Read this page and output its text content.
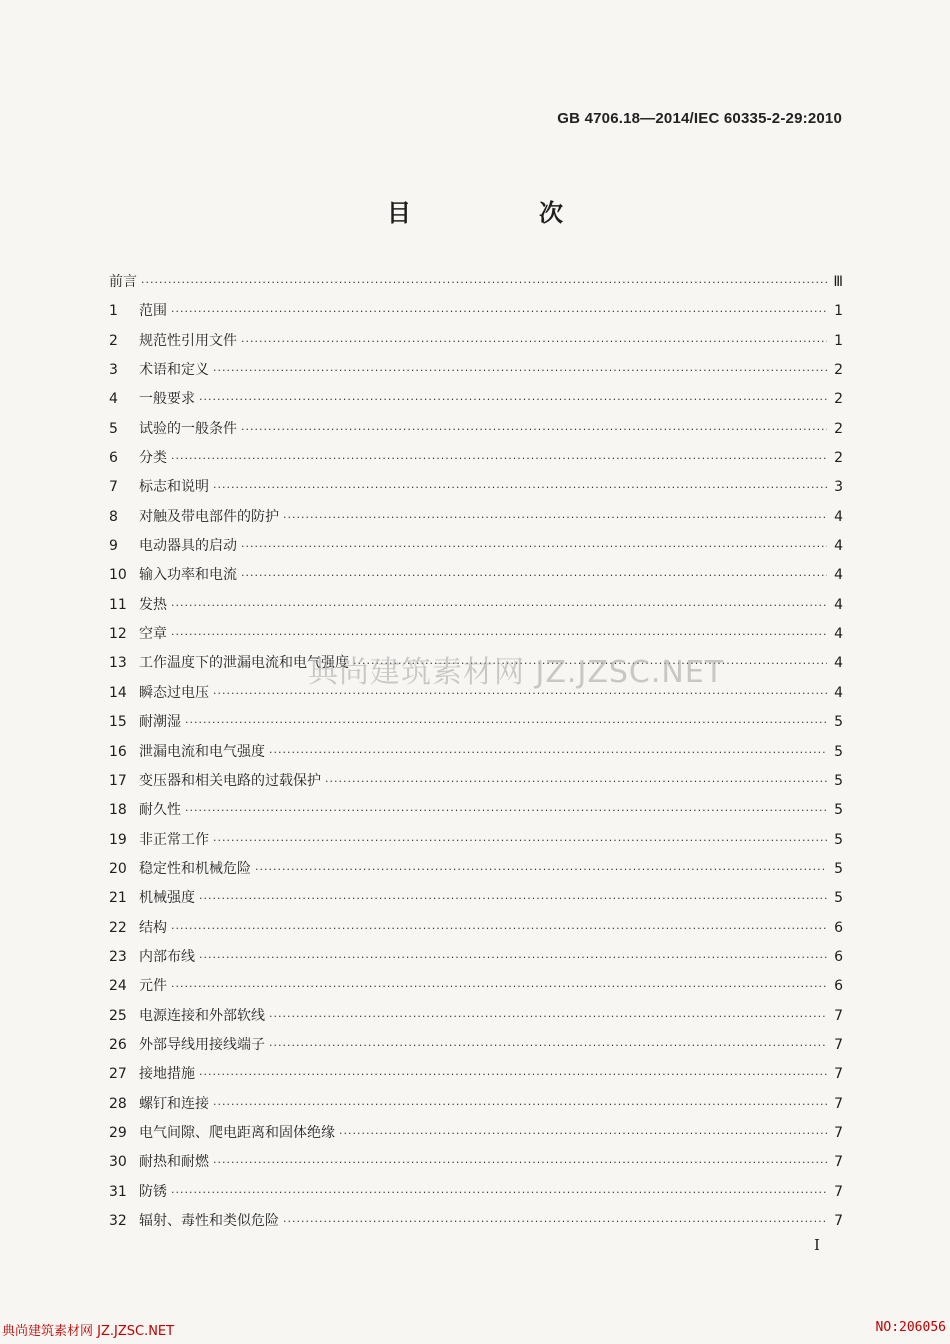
GB 4706.18—2014/IEC 60335-2-29:2010
目　次
前言 ·····	Ⅲ
1	范围 ·····	1
2	规范性引用文件 ·····	1
3	术语和定义 ·····	2
4	一般要求 ·····	2
5	试验的一般条件 ·····	2
6	分类 ·····	2
7	标志和说明 ·····	3
8	对触及带电部件的防护 ·····	4
9	电动器具的启动 ·····	4
10 输入功率和电流 ·····	4
11 发热 ·····	4
12 空章 ·····	4
13 工作温度下的泄漏电流和电气强度 ·····	4
14 瞬态过电压 ·····	4
15 耐潮湿 ·····	5
16 泄漏电流和电气强度 ·····	5
17 变压器和相关电路的过载保护 ·····	5
18 耐久性 ·····	5
19 非正常工作 ·····	5
20 稳定性和机械危险 ·····	5
21 机械强度 ·····	5
22 结构 ·····	6
23 内部布线 ·····	6
24 元件 ·····	6
25 电源连接和外部软线 ·····	7
26 外部导线用接线端子 ·····	7
27 接地措施 ·····	7
28 螺钉和连接 ·····	7
29 电气间隙、爬电距离和固体绝缘 ·····	7
30 耐热和耐燃 ·····	7
31 防锈 ·····	7
32 辐射、毒性和类似危险 ·····	7
典尚建筑素材网 JZ.JZSC.NET
I
典尚建筑素材网 JZ.JZSC.NET	NO:206056
